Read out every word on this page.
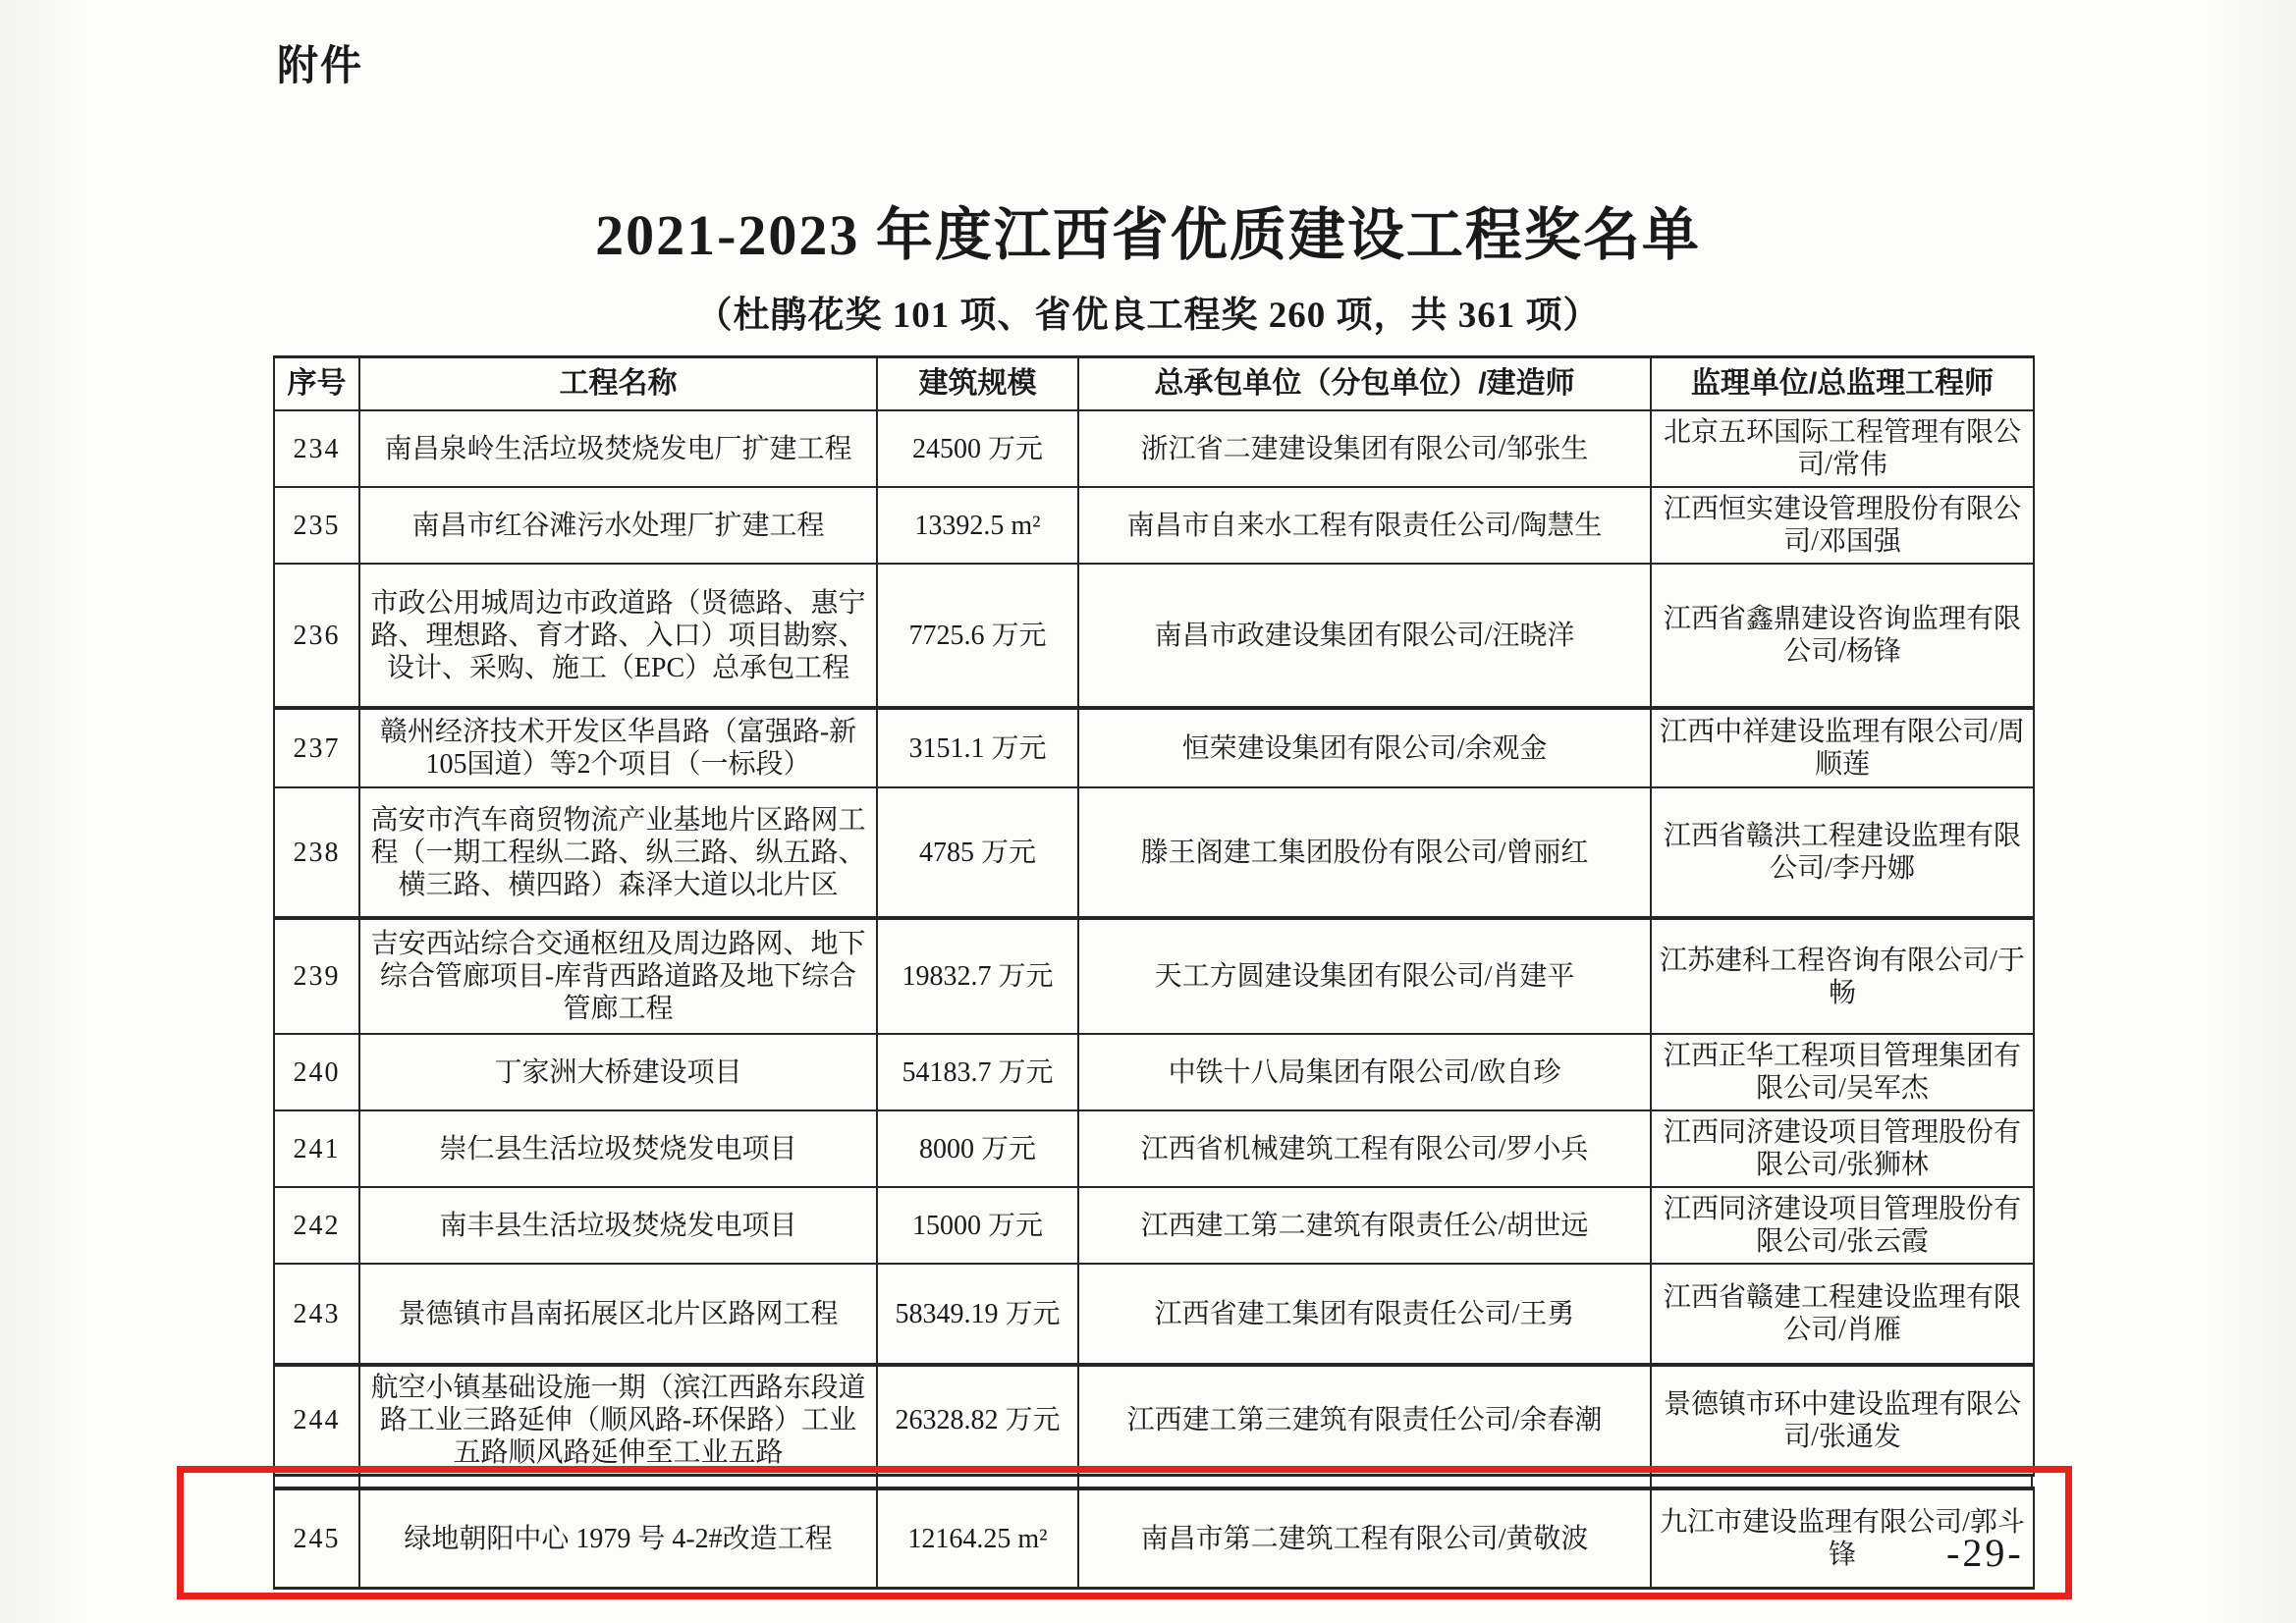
附件
2021-2023 年度江西省优质建设工程奖名单
（杜鹃花奖 101 项、省优良工程奖 260 项，共 361 项）
序号	工程名称	建筑规模	总承包单位（分包单位）/建造师	监理单位/总监理工程师
234	南昌泉岭生活垃圾焚烧发电厂扩建工程	24500 万元	浙江省二建建设集团有限公司/邹张生	北京五环国际工程管理有限公司/常伟
235	南昌市红谷滩污水处理厂扩建工程	13392.5 m²	南昌市自来水工程有限责任公司/陶慧生	江西恒实建设管理股份有限公司/邓国强
236	市政公用城周边市政道路（贤德路、惠宁路、理想路、育才路、入口）项目勘察、设计、采购、施工（EPC）总承包工程	7725.6 万元	南昌市政建设集团有限公司/汪晓洋	江西省鑫鼎建设咨询监理有限公司/杨锋
237	赣州经济技术开发区华昌路（富强路-新105国道）等2个项目（一标段）	3151.1 万元	恒荣建设集团有限公司/余观金	江西中祥建设监理有限公司/周顺莲
238	高安市汽车商贸物流产业基地片区路网工程（一期工程纵二路、纵三路、纵五路、横三路、横四路）森泽大道以北片区	4785 万元	滕王阁建工集团股份有限公司/曾丽红	江西省赣洪工程建设监理有限公司/李丹娜
239	吉安西站综合交通枢纽及周边路网、地下综合管廊项目-库背西路道路及地下综合管廊工程	19832.7 万元	天工方圆建设集团有限公司/肖建平	江苏建科工程咨询有限公司/于畅
240	丁家洲大桥建设项目	54183.7 万元	中铁十八局集团有限公司/欧自珍	江西正华工程项目管理集团有限公司/吴军杰
241	崇仁县生活垃圾焚烧发电项目	8000 万元	江西省机械建筑工程有限公司/罗小兵	江西同济建设项目管理股份有限公司/张狮林
242	南丰县生活垃圾焚烧发电项目	15000 万元	江西建工第二建筑有限责任公/胡世远	江西同济建设项目管理股份有限公司/张云霞
243	景德镇市昌南拓展区北片区路网工程	58349.19 万元	江西省建工集团有限责任公司/王勇	江西省赣建工程建设监理有限公司/肖雁
244	航空小镇基础设施一期（滨江西路东段道路工业三路延伸（顺风路-环保路）工业五路顺风路延伸至工业五路	26328.82 万元	江西建工第三建筑有限责任公司/余春潮	景德镇市环中建设监理有限公司/张通发
245	绿地朝阳中心 1979 号 4-2#改造工程	12164.25 m²	南昌市第二建筑工程有限公司/黄敬波	九江市建设监理有限公司/郭斗锋 -29-
